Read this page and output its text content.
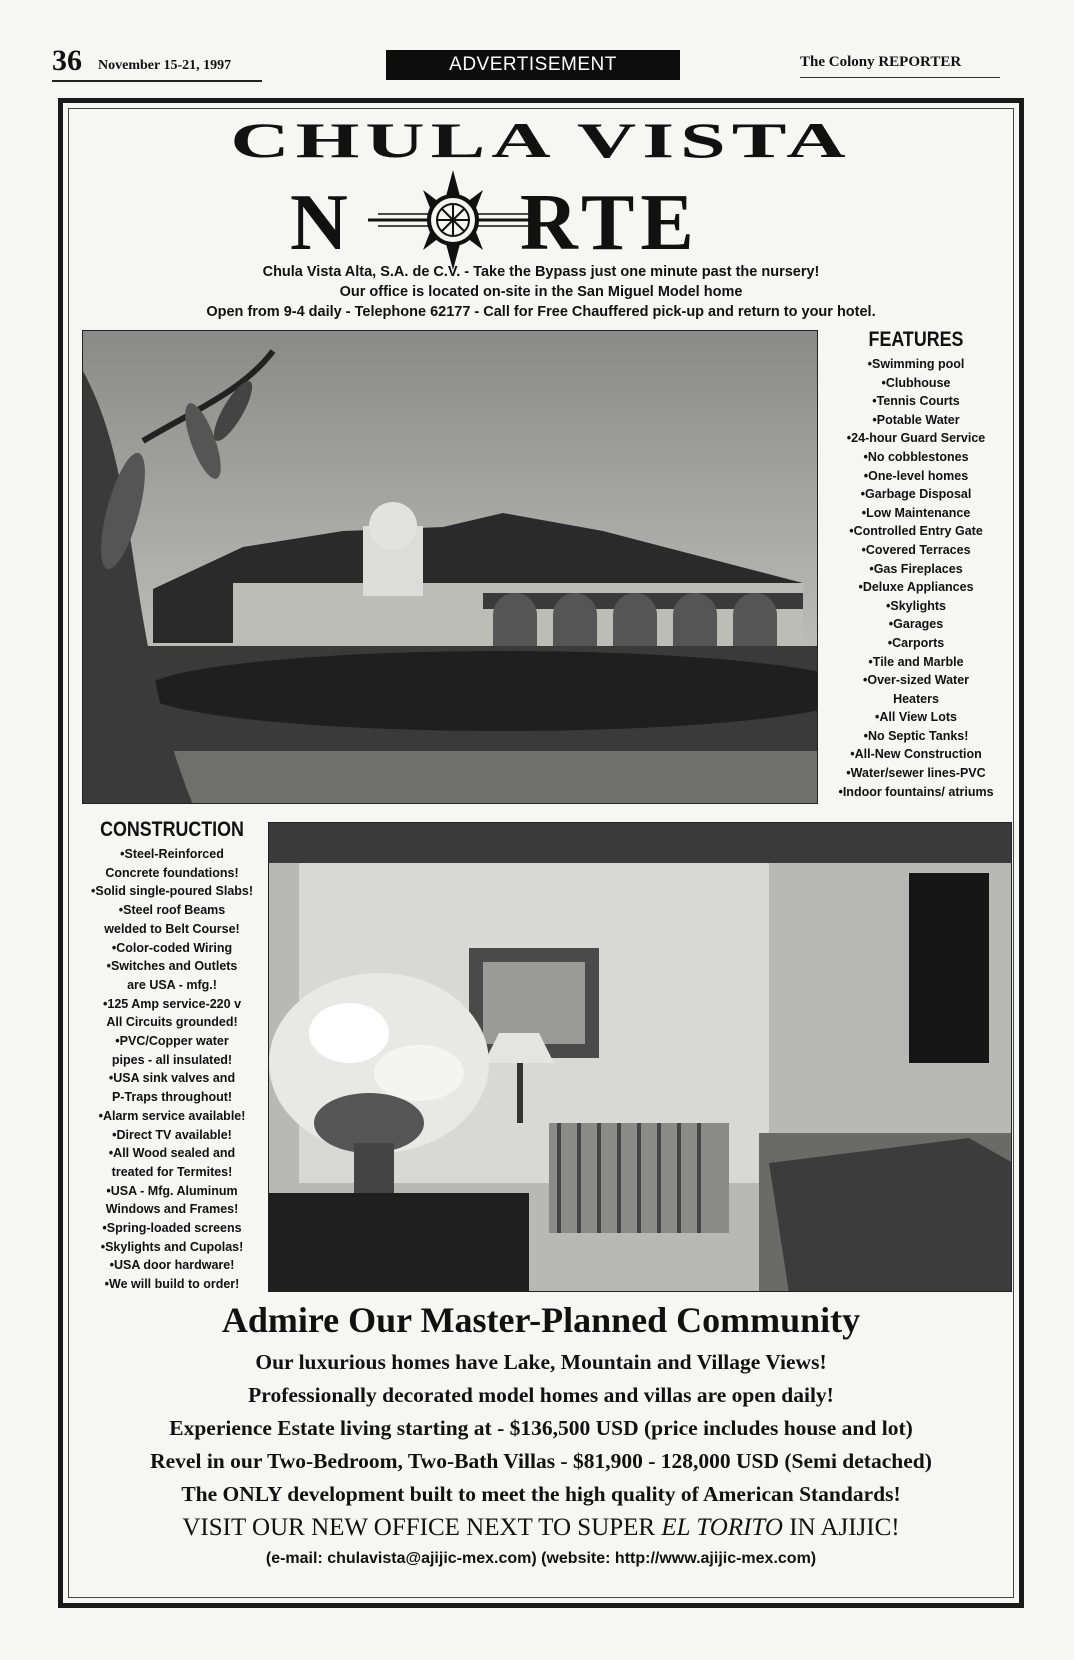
36 November 15-21, 1997	ADVERTISEMENT	The Colony REPORTER
CHULA VISTA
N RTE
Chula Vista Alta, S.A. de C.V. - Take the Bypass just one minute past the nursery!
Our office is located on-site in the San Miguel Model home
Open from 9-4 daily - Telephone 62177 - Call for Free Chauffered pick-up and return to your hotel.
FEATURES
•Swimming pool
•Clubhouse
•Tennis Courts
•Potable Water
•24-hour Guard Service
•No cobblestones
•One-level homes
•Garbage Disposal
•Low Maintenance
•Controlled Entry Gate
•Covered Terraces
•Gas Fireplaces
•Deluxe Appliances
•Skylights
•Garages
•Carports
•Tile and Marble
•Over-sized Water
Heaters
•All View Lots
•No Septic Tanks!
•All-New Construction
•Water/sewer lines-PVC
•Indoor fountains/ atriums
CONSTRUCTION
•Steel-Reinforced
Concrete foundations!
•Solid single-poured Slabs!
•Steel roof Beams
welded to Belt Course!
•Color-coded Wiring
•Switches and Outlets
are USA - mfg.!
•125 Amp service-220 v
All Circuits grounded!
•PVC/Copper water
pipes - all insulated!
•USA sink valves and
P-Traps throughout!
•Alarm service available!
•Direct TV available!
•All Wood sealed and
treated for Termites!
•USA - Mfg. Aluminum
Windows and Frames!
•Spring-loaded screens
•Skylights and Cupolas!
•USA door hardware!
•We will build to order!
Admire Our Master-Planned Community
Our luxurious homes have Lake, Mountain and Village Views!
Professionally decorated model homes and villas are open daily!
Experience Estate living starting at - $136,500 USD (price includes house and lot)
Revel in our Two-Bedroom, Two-Bath Villas - $81,900 - 128,000 USD (Semi detached)
The ONLY development built to meet the high quality of American Standards!
VISIT OUR NEW OFFICE NEXT TO SUPER EL TORITO IN AJIJIC!
(e-mail: chulavista@ajijic-mex.com) (website: http://www.ajijic-mex.com)
